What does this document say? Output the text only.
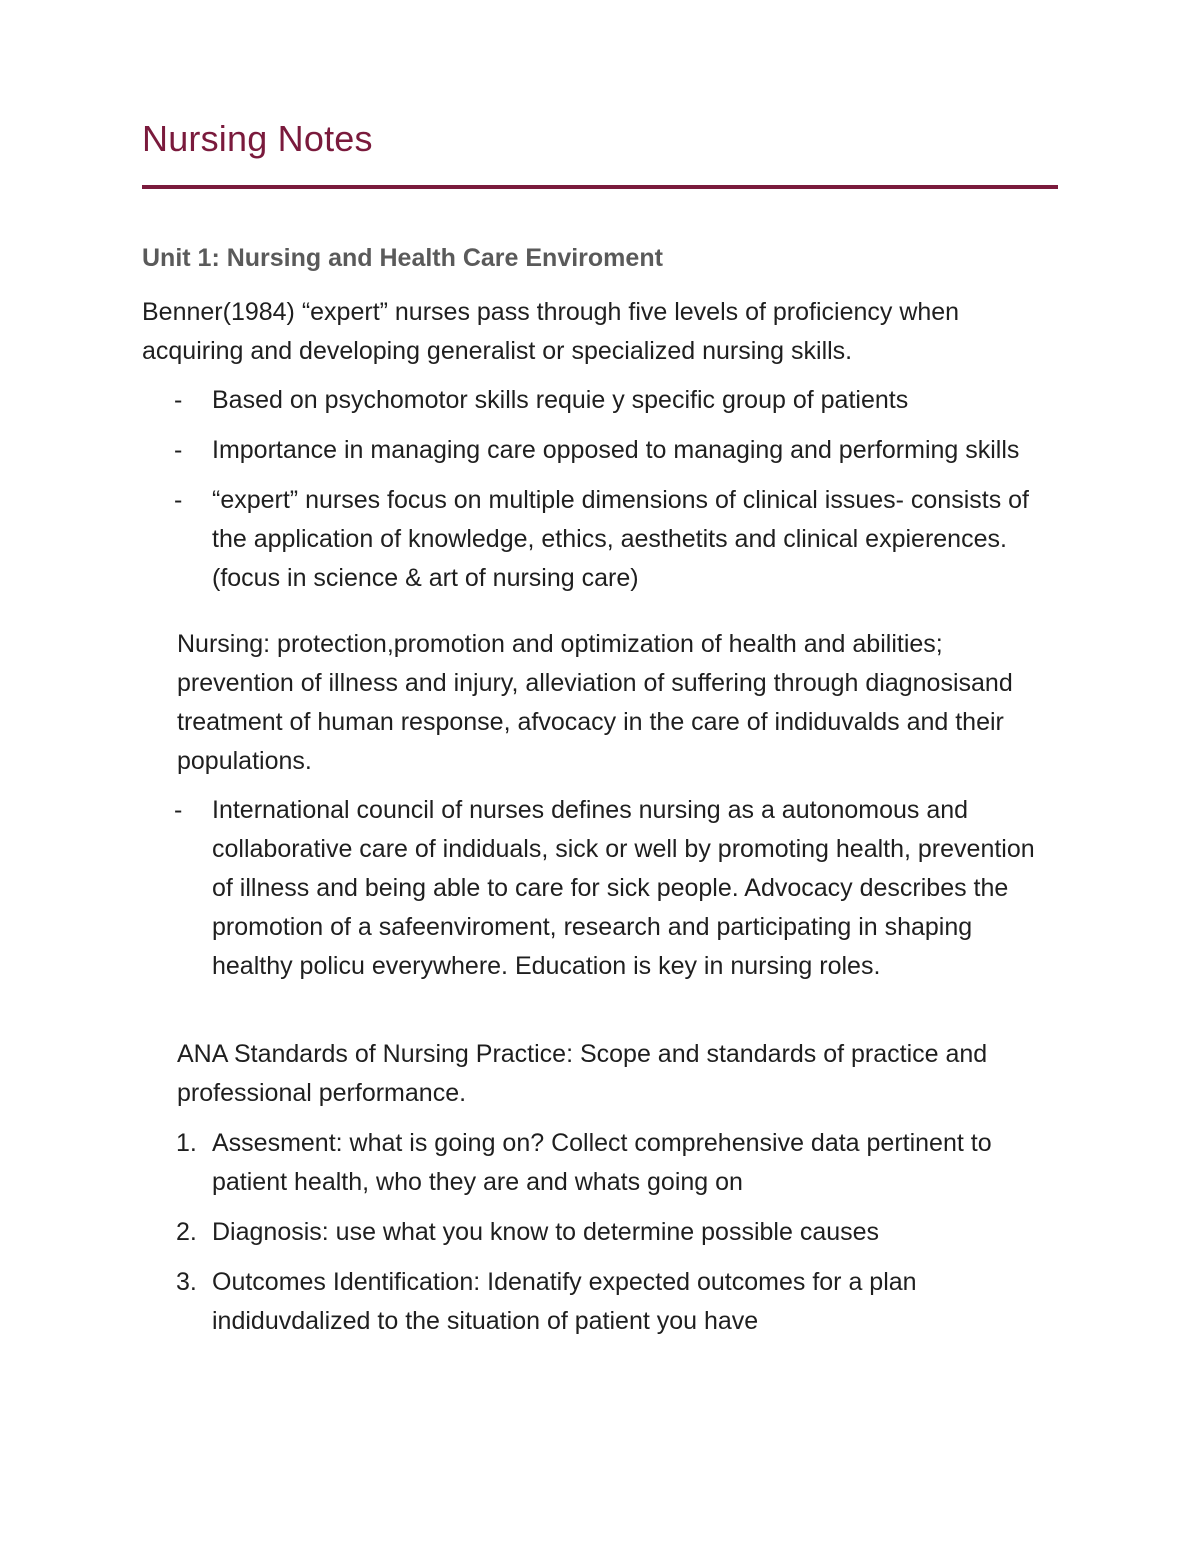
Nursing Notes
Unit 1: Nursing and Health Care Enviroment

Benner(1984) “expert” nurses pass through five levels of proficiency when acquiring and developing generalist or specialized nursing skills.

- Based on psychomotor skills requie y specific group of patients
- Importance in managing care opposed to managing and performing skills
- “expert” nurses focus on multiple dimensions of clinical issues- consists of the application of knowledge, ethics, aesthetits and clinical expierences. (focus in science & art of nursing care)

Nursing: protection,promotion and optimization of health and abilities; prevention of illness and injury, alleviation of suffering through diagnosisand treatment of human response, afvocacy in the care of indiduvalds and their populations.

- International council of nurses defines nursing as a autonomous and collaborative care of indiduals, sick or well by promoting health, prevention of illness and being able to care for sick people. Advocacy describes the promotion of a safeenviroment, research and participating in shaping healthy policu everywhere. Education is key in nursing roles.

ANA Standards of Nursing Practice: Scope and standards of practice and professional performance.

1. Assesment: what is going on? Collect comprehensive data pertinent to patient health, who they are and whats going on
2. Diagnosis: use what you know to determine possible causes
3. Outcomes Identification: Idenatify expected outcomes for a plan indiduvdalized to the situation of patient you have
